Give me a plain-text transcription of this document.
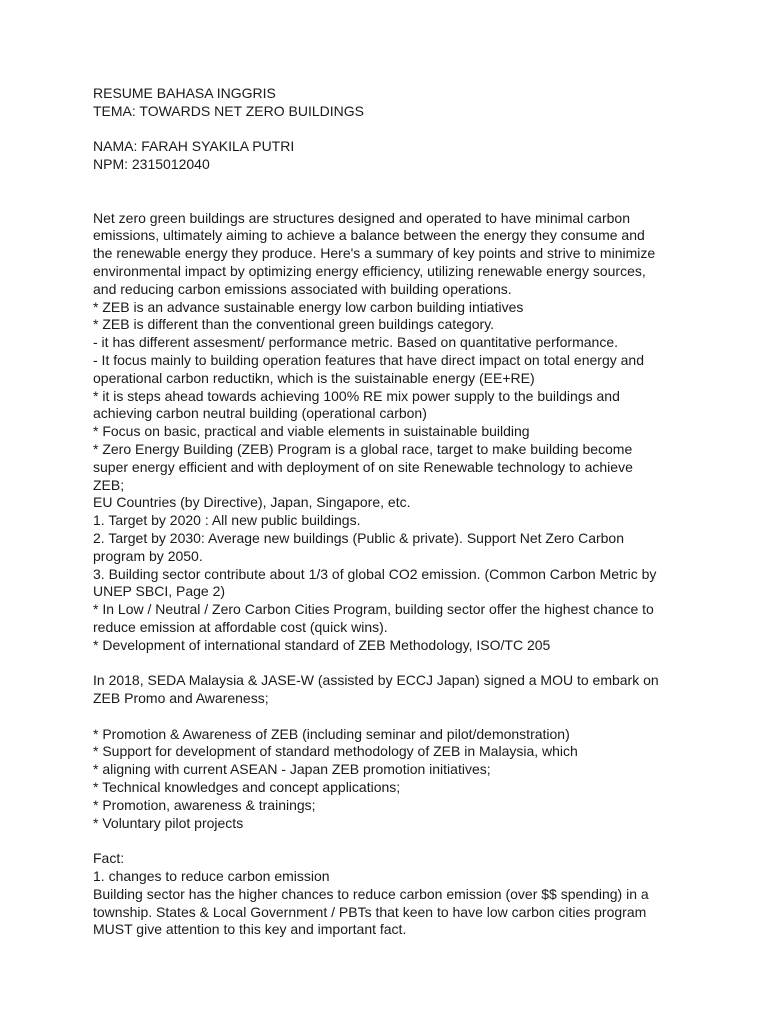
RESUME BAHASA INGGRIS
TEMA: TOWARDS NET ZERO BUILDINGS
NAMA: FARAH SYAKILA PUTRI
NPM: 2315012040
Net zero green buildings are structures designed and operated to have minimal carbon
emissions, ultimately aiming to achieve a balance between the energy they consume and
the renewable energy they produce. Here's a summary of key points and strive to minimize
environmental impact by optimizing energy efficiency, utilizing renewable energy sources,
and reducing carbon emissions associated with building operations.
* ZEB is an advance sustainable energy low carbon building intiatives
* ZEB is different than the conventional green buildings category.
- it has different assesment/ performance metric. Based on quantitative performance.
- It focus mainly to building operation features that have direct impact on total energy and
operational carbon reductikn, which is the suistainable energy (EE+RE)
* it is steps ahead towards achieving 100% RE mix power supply to the buildings and
achieving carbon neutral building (operational carbon)
* Focus on basic, practical and viable elements in suistainable building
* Zero Energy Building (ZEB) Program is a global race, target to make building become
super energy efficient and with deployment of on site Renewable technology to achieve
ZEB;
EU Countries (by Directive), Japan, Singapore, etc.
1. Target by 2020 : All new public buildings.
2. Target by 2030: Average new buildings (Public & private). Support Net Zero Carbon
program by 2050.
3. Building sector contribute about 1/3 of global CO2 emission. (Common Carbon Metric by
UNEP SBCI, Page 2)
* In Low / Neutral / Zero Carbon Cities Program, building sector offer the highest chance to
reduce emission at affordable cost (quick wins).
* Development of international standard of ZEB Methodology, ISO/TC 205
In 2018, SEDA Malaysia & JASE-W (assisted by ECCJ Japan) signed a MOU to embark on
ZEB Promo and Awareness;
* Promotion & Awareness of ZEB (including seminar and pilot/demonstration)
* Support for development of standard methodology of ZEB in Malaysia, which
* aligning with current ASEAN - Japan ZEB promotion initiatives;
* Technical knowledges and concept applications;
* Promotion, awareness & trainings;
* Voluntary pilot projects
Fact:
1. changes to reduce carbon emission
Building sector has the higher chances to reduce carbon emission (over $$ spending) in a
township. States & Local Government / PBTs that keen to have low carbon cities program
MUST give attention to this key and important fact.
